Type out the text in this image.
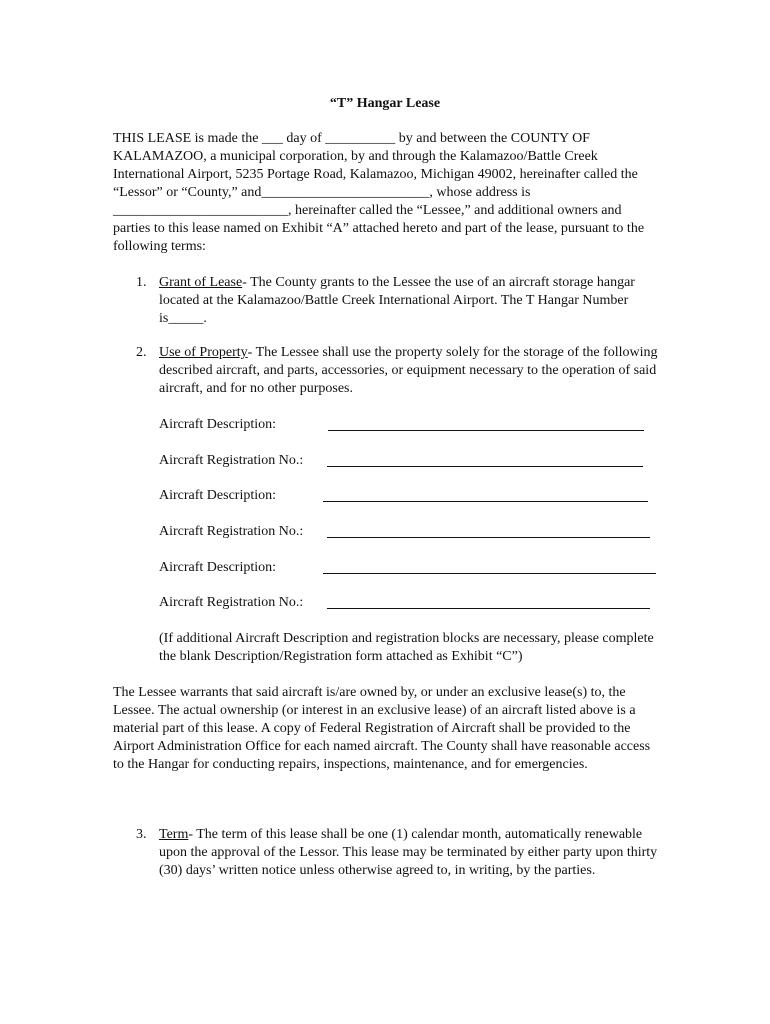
“T” Hangar Lease
THIS LEASE is made the ___ day of __________ by and between the COUNTY OF KALAMAZOO, a municipal corporation, by and through the Kalamazoo/Battle Creek International Airport, 5235 Portage Road, Kalamazoo, Michigan 49002, hereinafter called the “Lessor” or “County,” and________________________, whose address is _________________________, hereinafter called the “Lessee,” and additional owners and parties to this lease named on Exhibit “A” attached hereto and part of the lease, pursuant to the following terms:
1. Grant of Lease- The County grants to the Lessee the use of an aircraft storage hangar located at the Kalamazoo/Battle Creek International Airport. The T Hangar Number is_____.
2. Use of Property- The Lessee shall use the property solely for the storage of the following described aircraft, and parts, accessories, or equipment necessary to the operation of said aircraft, and for no other purposes.
Aircraft Description:
Aircraft Registration No.:
Aircraft Description:
Aircraft Registration No.:
Aircraft Description:
Aircraft Registration No.:
(If additional Aircraft Description and registration blocks are necessary, please complete the blank Description/Registration form attached as Exhibit “C”)
The Lessee warrants that said aircraft is/are owned by, or under an exclusive lease(s) to, the Lessee. The actual ownership (or interest in an exclusive lease) of an aircraft listed above is a material part of this lease. A copy of Federal Registration of Aircraft shall be provided to the Airport Administration Office for each named aircraft. The County shall have reasonable access to the Hangar for conducting repairs, inspections, maintenance, and for emergencies.
3. Term- The term of this lease shall be one (1) calendar month, automatically renewable upon the approval of the Lessor. This lease may be terminated by either party upon thirty (30) days’ written notice unless otherwise agreed to, in writing, by the parties.
